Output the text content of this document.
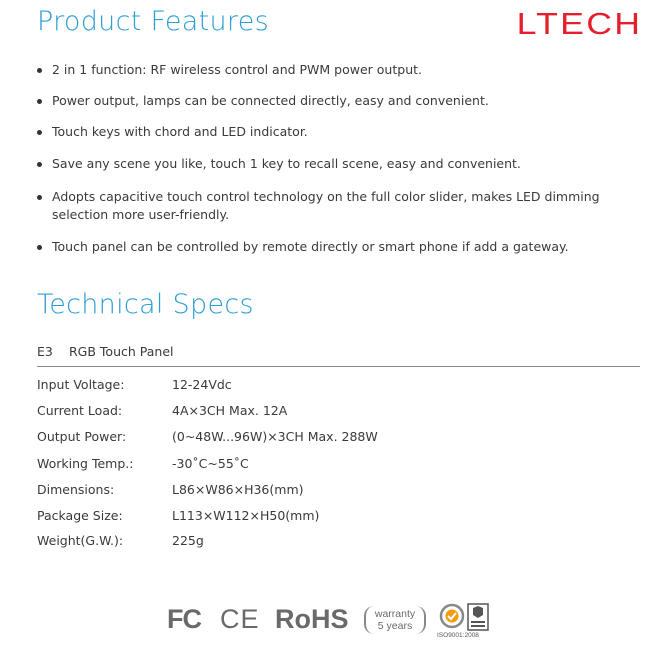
Product Features	LTECH
2 in 1 function: RF wireless control and PWM power output.
Power output, lamps can be connected directly, easy and convenient.
Touch keys with chord and LED indicator.
Save any scene you like, touch 1 key to recall scene, easy and convenient.
Adopts capacitive touch control technology on the full color slider, makes LED dimming selection more user-friendly.
Touch panel can be controlled by remote directly or smart phone if add a gateway.
Technical Specs
E3 RGB Touch Panel
Input Voltage:	12-24Vdc
Current Load:	4A×3CH Max. 12A
Output Power:	(0~48W...96W)×3CH Max. 288W
Working Temp.:	-30˚C~55˚C
Dimensions:	L86×W86×H36(mm)
Package Size:	L113×W112×H50(mm)
Weight(G.W.):	225g
FC CE RoHS	warranty
5 years
ISO9001:2008
